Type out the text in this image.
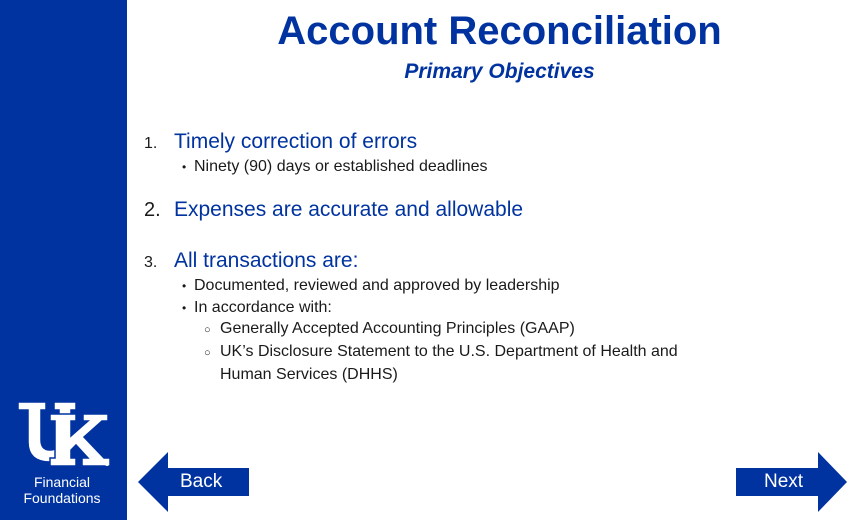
Financial
Foundations
Account Reconciliation
Primary Objectives
1. Timely correction of errors
• Ninety (90) days or established deadlines
2. Expenses are accurate and allowable
3. All transactions are:
• Documented, reviewed and approved by leadership
• In accordance with:
○ Generally Accepted Accounting Principles (GAAP)
○ UK’s Disclosure Statement to the U.S. Department of Health and
Human Services (DHHS)
Back	Next
